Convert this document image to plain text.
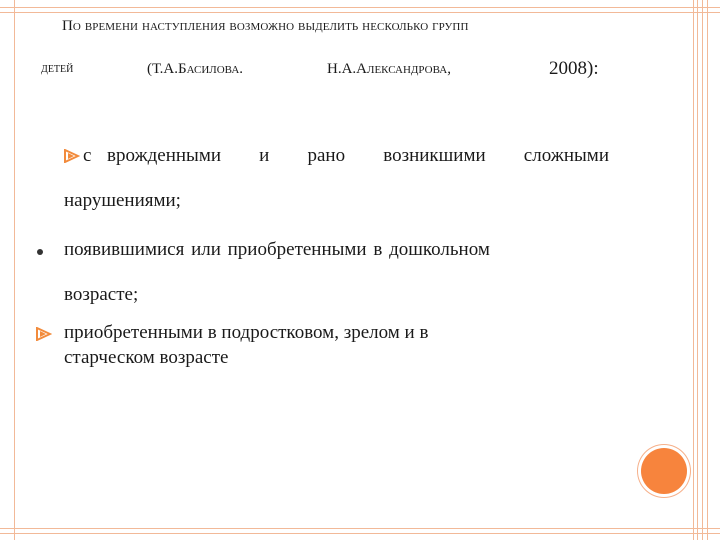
По времени наступления возможно выделить несколько групп
детей	(Т.А.Басилова.	Н.А.Александрова,	2008):
с врожденными и рано возникшими сложными
нарушениями;
появившимися или приобретенными в дошкольном
возрасте;
приобретенными в подростковом, зрелом и в
старческом возрасте
